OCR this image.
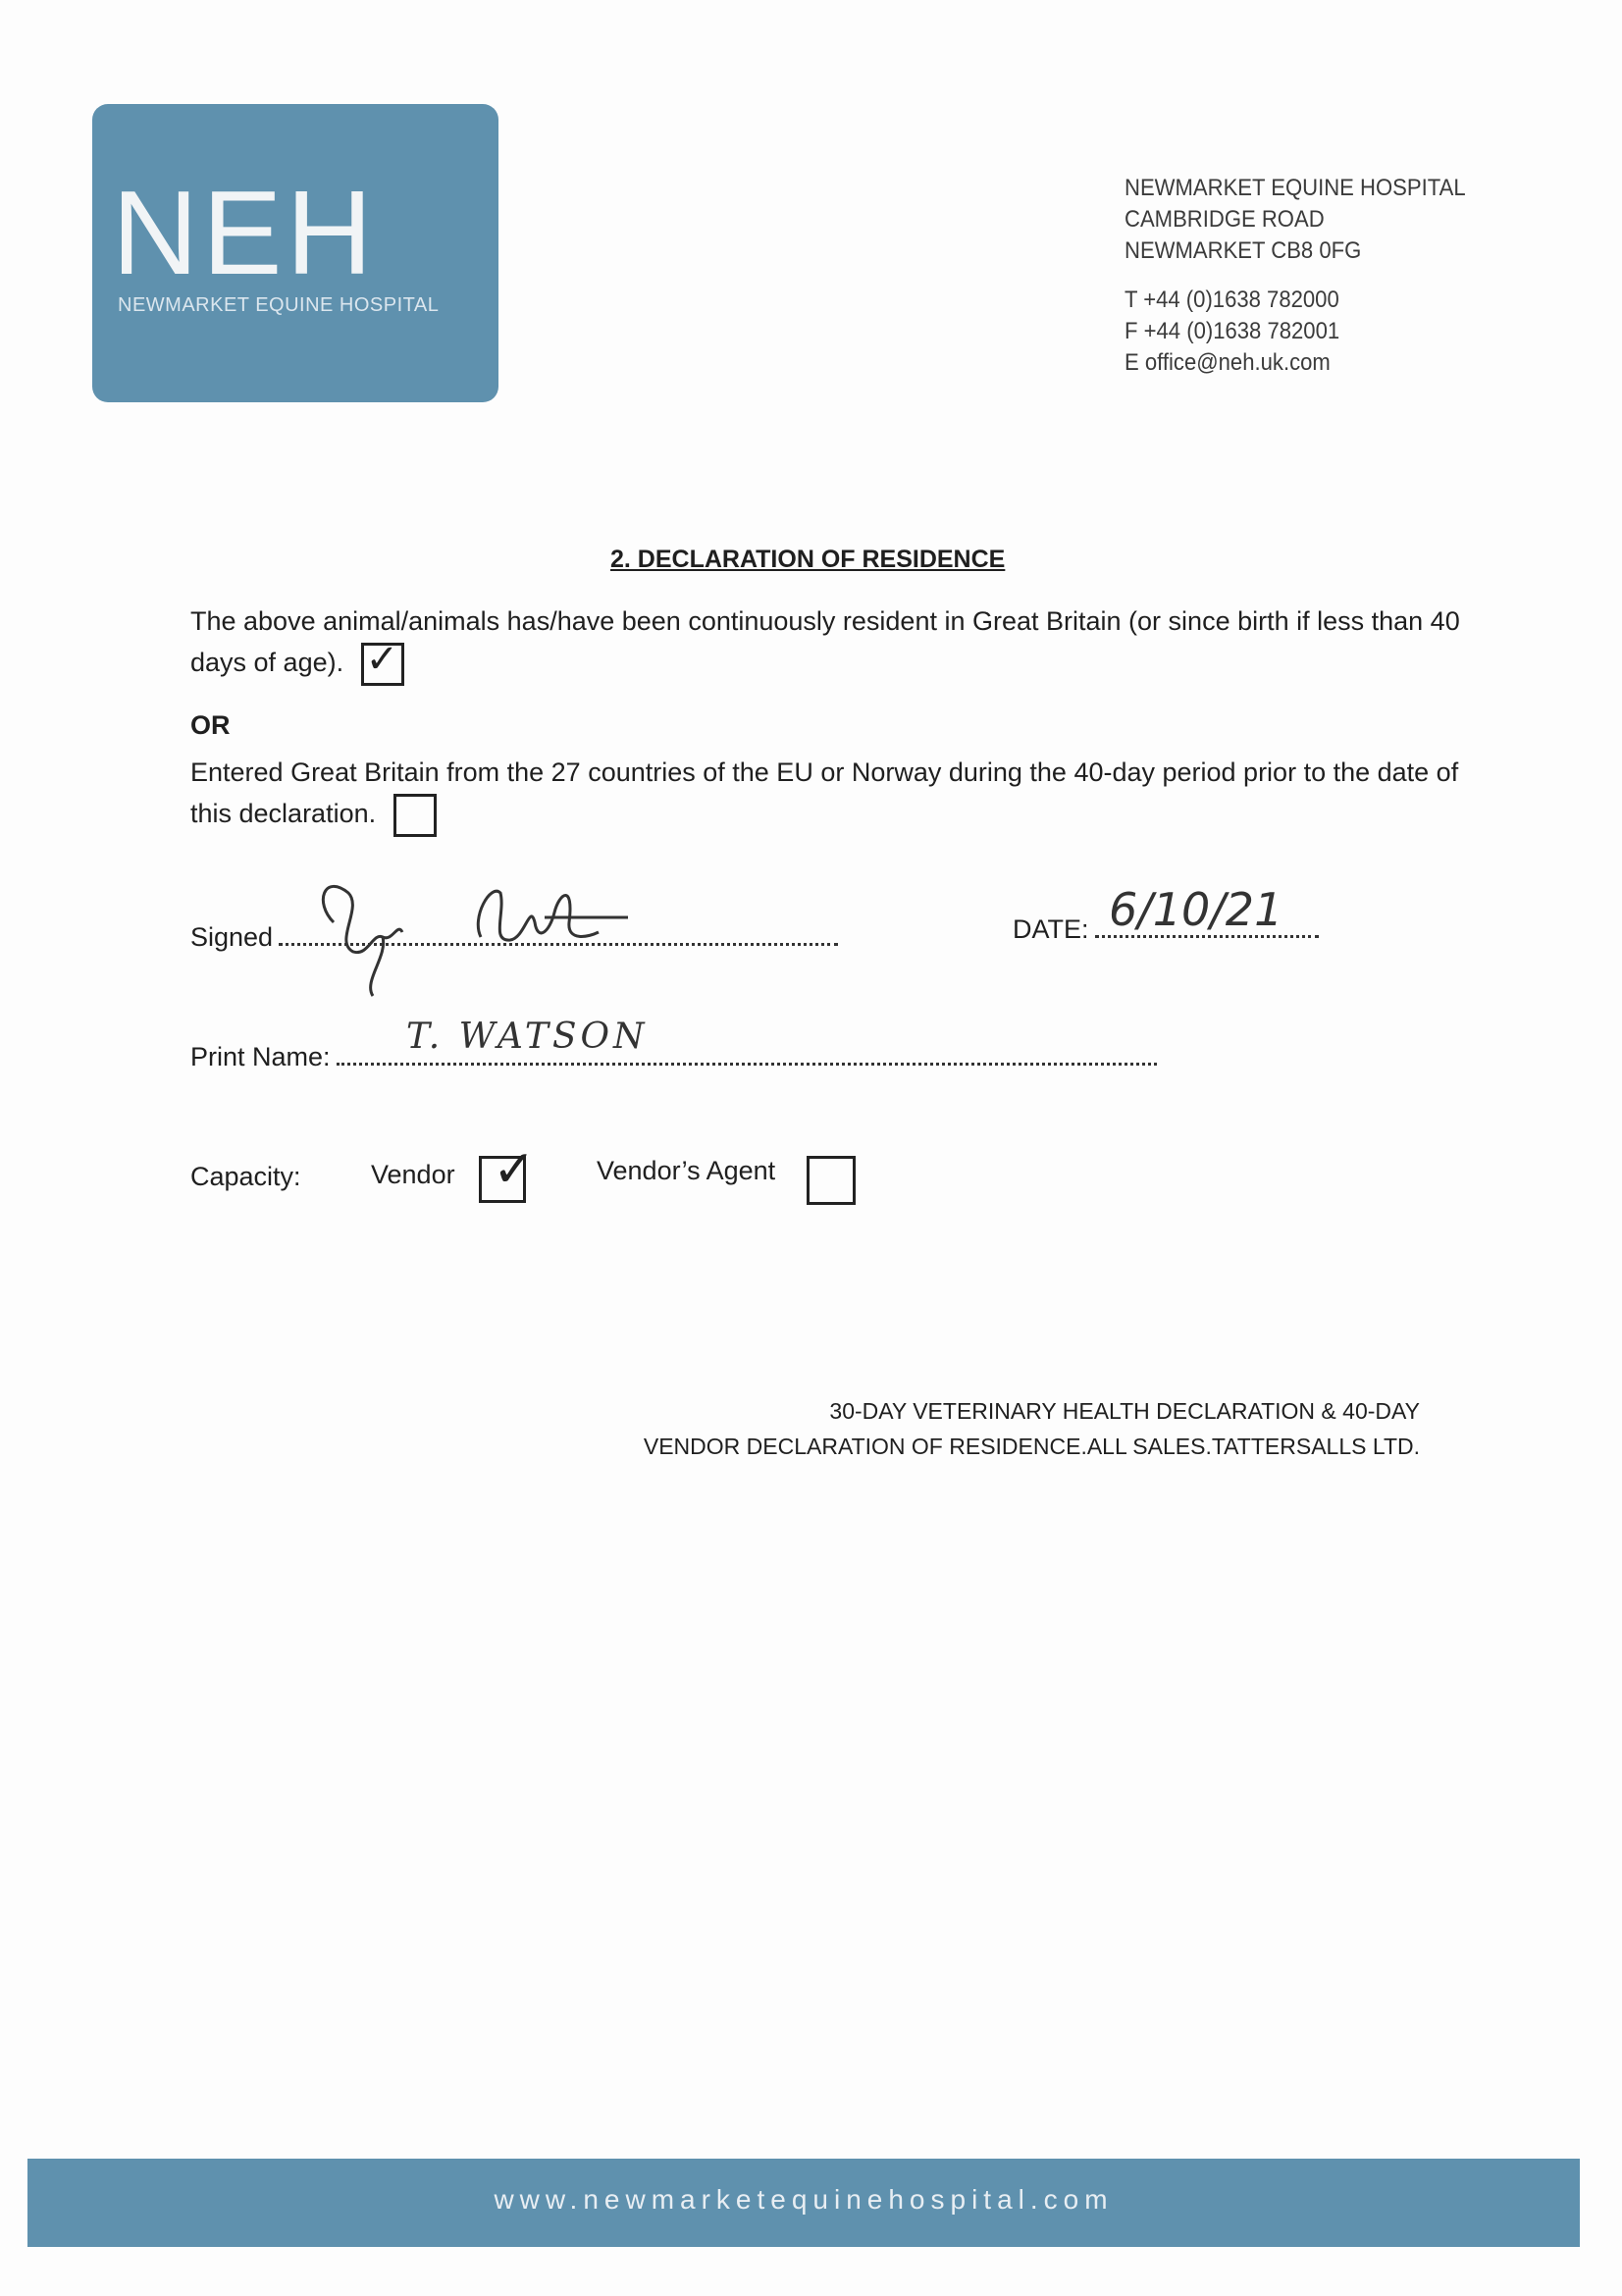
NEH
NEWMARKET EQUINE HOSPITAL
NEWMARKET EQUINE HOSPITAL
CAMBRIDGE ROAD
NEWMARKET CB8 0FG
T +44 (0)1638 782000
F +44 (0)1638 782001
E office@neh.uk.com
2. DECLARATION OF RESIDENCE
The above animal/animals has/have been continuously resident in Great Britain (or since birth if less than 40 days of age). ✓
OR
Entered Great Britain from the 27 countries of the EU or Norway during the 40-day period prior to the date of this declaration.
Signed	DATE: 6/10/21
Print Name:	T. WATSON
Capacity:	Vendor ✓ Vendor’s Agent
30-DAY VETERINARY HEALTH DECLARATION & 40-DAY
VENDOR DECLARATION OF RESIDENCE.ALL SALES.TATTERSALLS LTD.
www.newmarketequinehospital.com
